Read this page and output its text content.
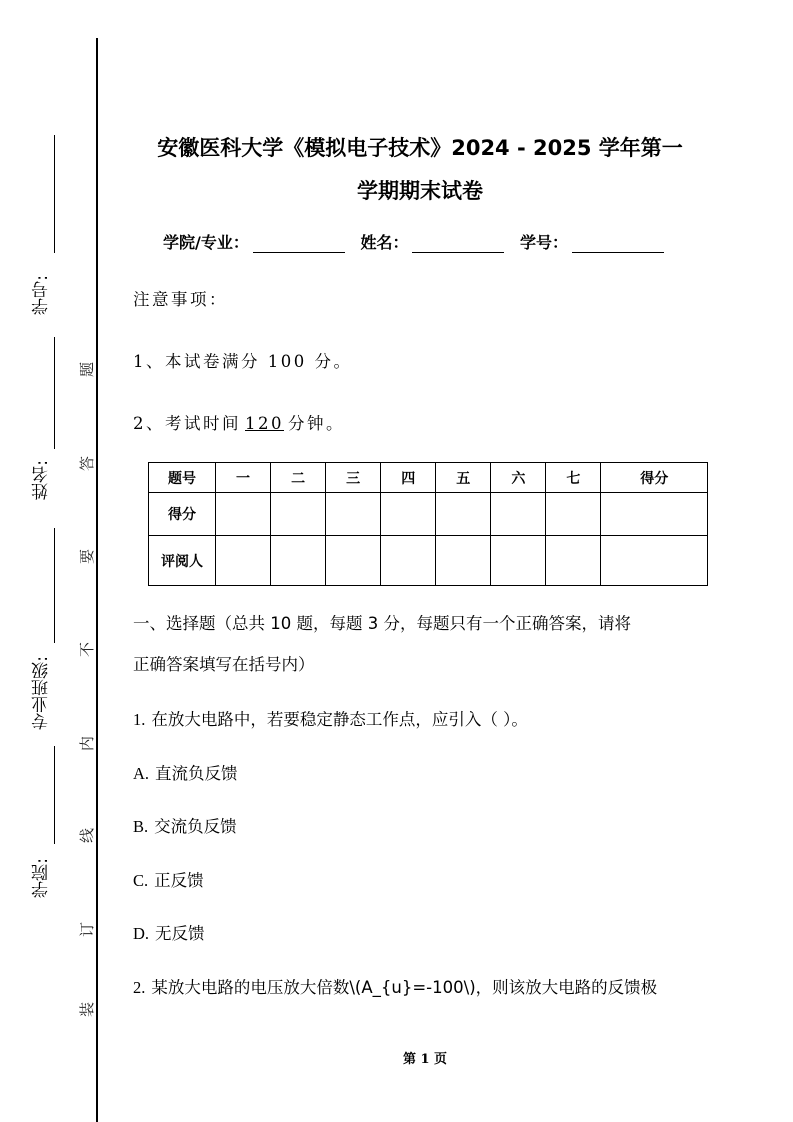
学号:
姓名:
专业班级:
学院:
题
答
要
不
内
线
订
装
安徽医科大学《模拟电子技术》2024 - 2025 学年第一
学期期末试卷
学院/专业：	姓名：	学号：
注意事项：
1、本试卷满分 100 分。
2、考试时间 120 分钟。
题号	一	二	三	四	五	六	七	得分
得分								
评阅人								
一、选择题（总共 10 题，每题 3 分，每题只有一个正确答案，请将
正确答案填写在括号内）
1. 在放大电路中，若要稳定静态工作点，应引入（ ）。
A. 直流负反馈
B. 交流负反馈
C. 正反馈
D. 无反馈
2. 某放大电路的电压放大倍数\(A_{u}=-100\)，则该放大电路的反馈极
第 1 页
